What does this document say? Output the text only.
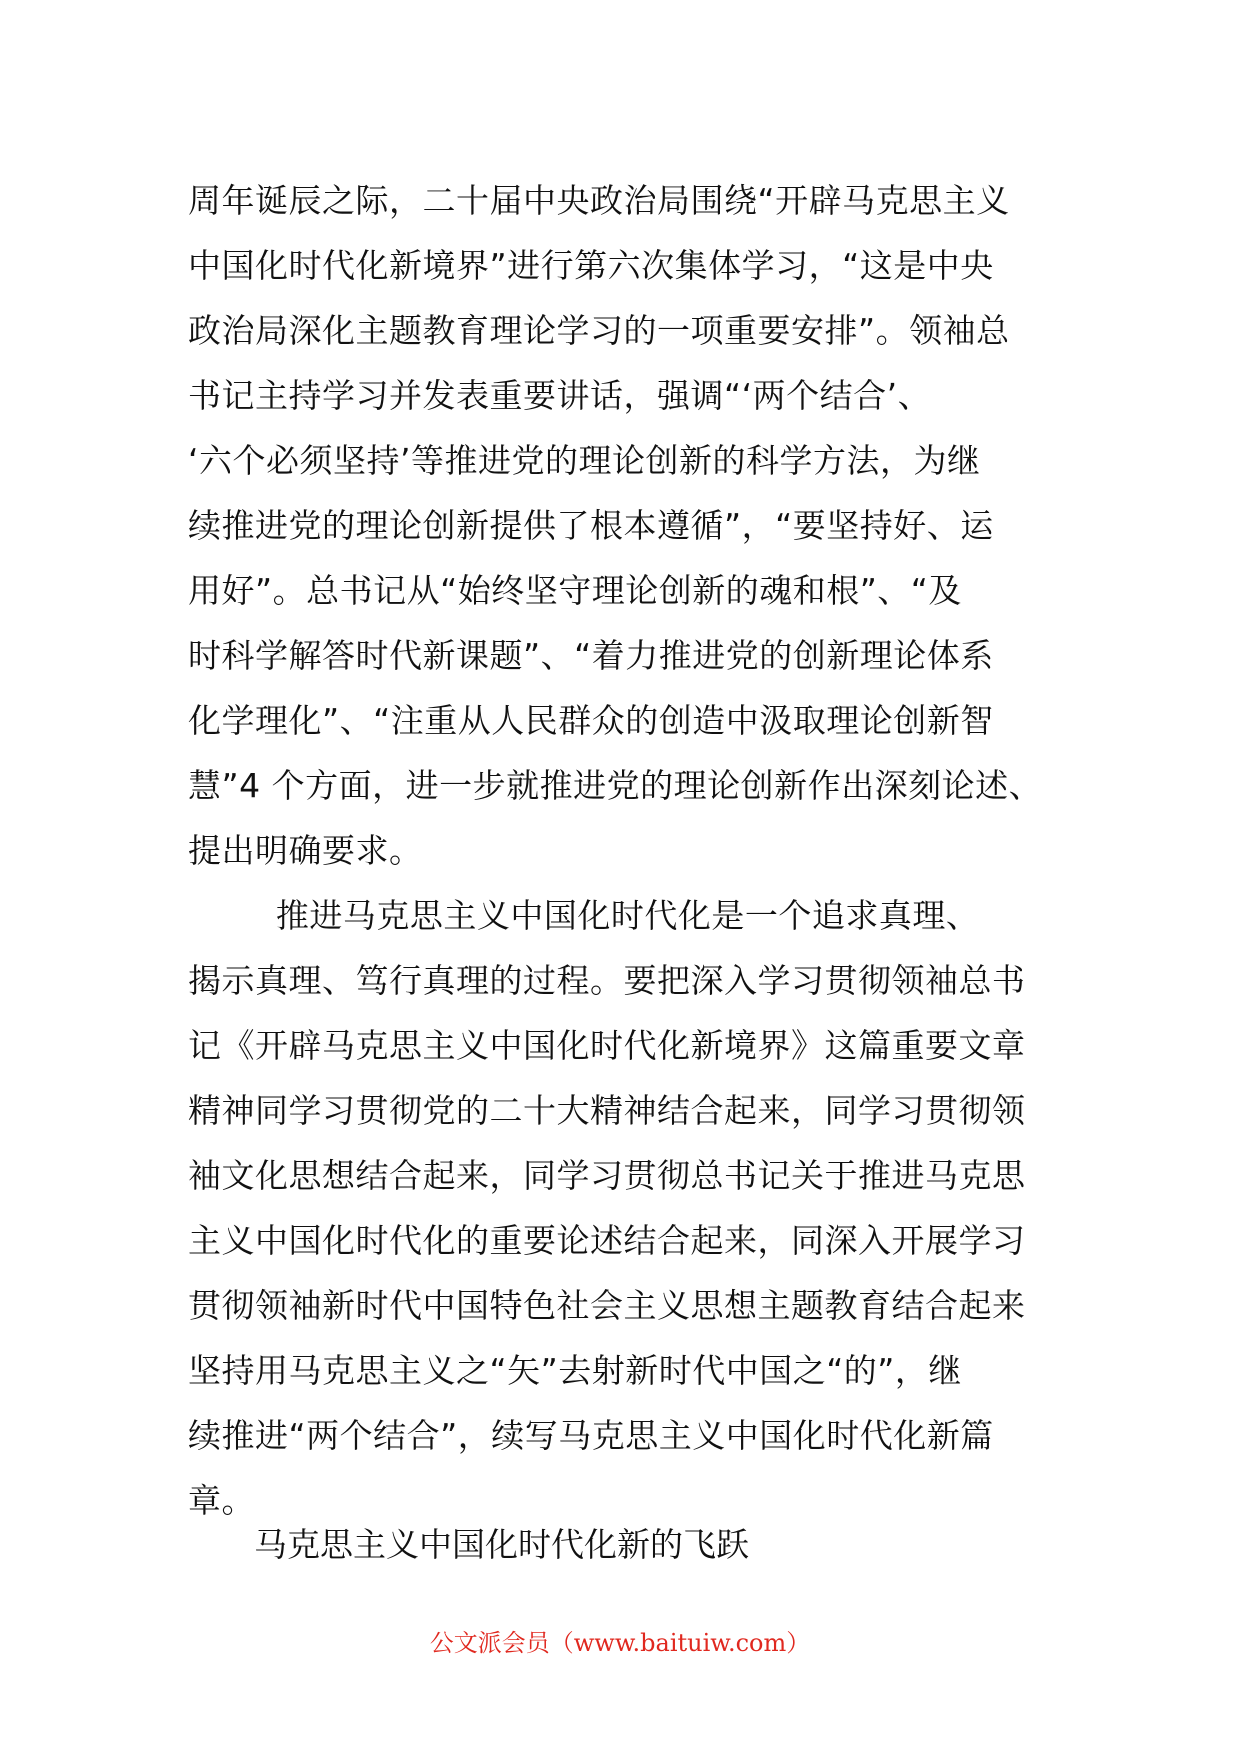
周年诞辰之际，二十届中央政治局围绕“开辟马克思主义
中国化时代化新境界”进行第六次集体学习，“这是中央
政治局深化主题教育理论学习的一项重要安排”。领袖总
书记主持学习并发表重要讲话，强调“‘两个结合’、
‘六个必须坚持’等推进党的理论创新的科学方法，为继
续推进党的理论创新提供了根本遵循”，“要坚持好、运
用好”。总书记从“始终坚守理论创新的魂和根”、“及
时科学解答时代新课题”、“着力推进党的创新理论体系
化学理化”、“注重从人民群众的创造中汲取理论创新智
慧”4 个方面，进一步就推进党的理论创新作出深刻论述、
提出明确要求。
推进马克思主义中国化时代化是一个追求真理、
揭示真理、笃行真理的过程。要把深入学习贯彻领袖总书
记《开辟马克思主义中国化时代化新境界》这篇重要文章
精神同学习贯彻党的二十大精神结合起来，同学习贯彻领
袖文化思想结合起来，同学习贯彻总书记关于推进马克思
主义中国化时代化的重要论述结合起来，同深入开展学习
贯彻领袖新时代中国特色社会主义思想主题教育结合起来
坚持用马克思主义之“矢”去射新时代中国之“的”，继
续推进“两个结合”，续写马克思主义中国化时代化新篇
章。
马克思主义中国化时代化新的飞跃
公文派会员（www.baituiw.com）
